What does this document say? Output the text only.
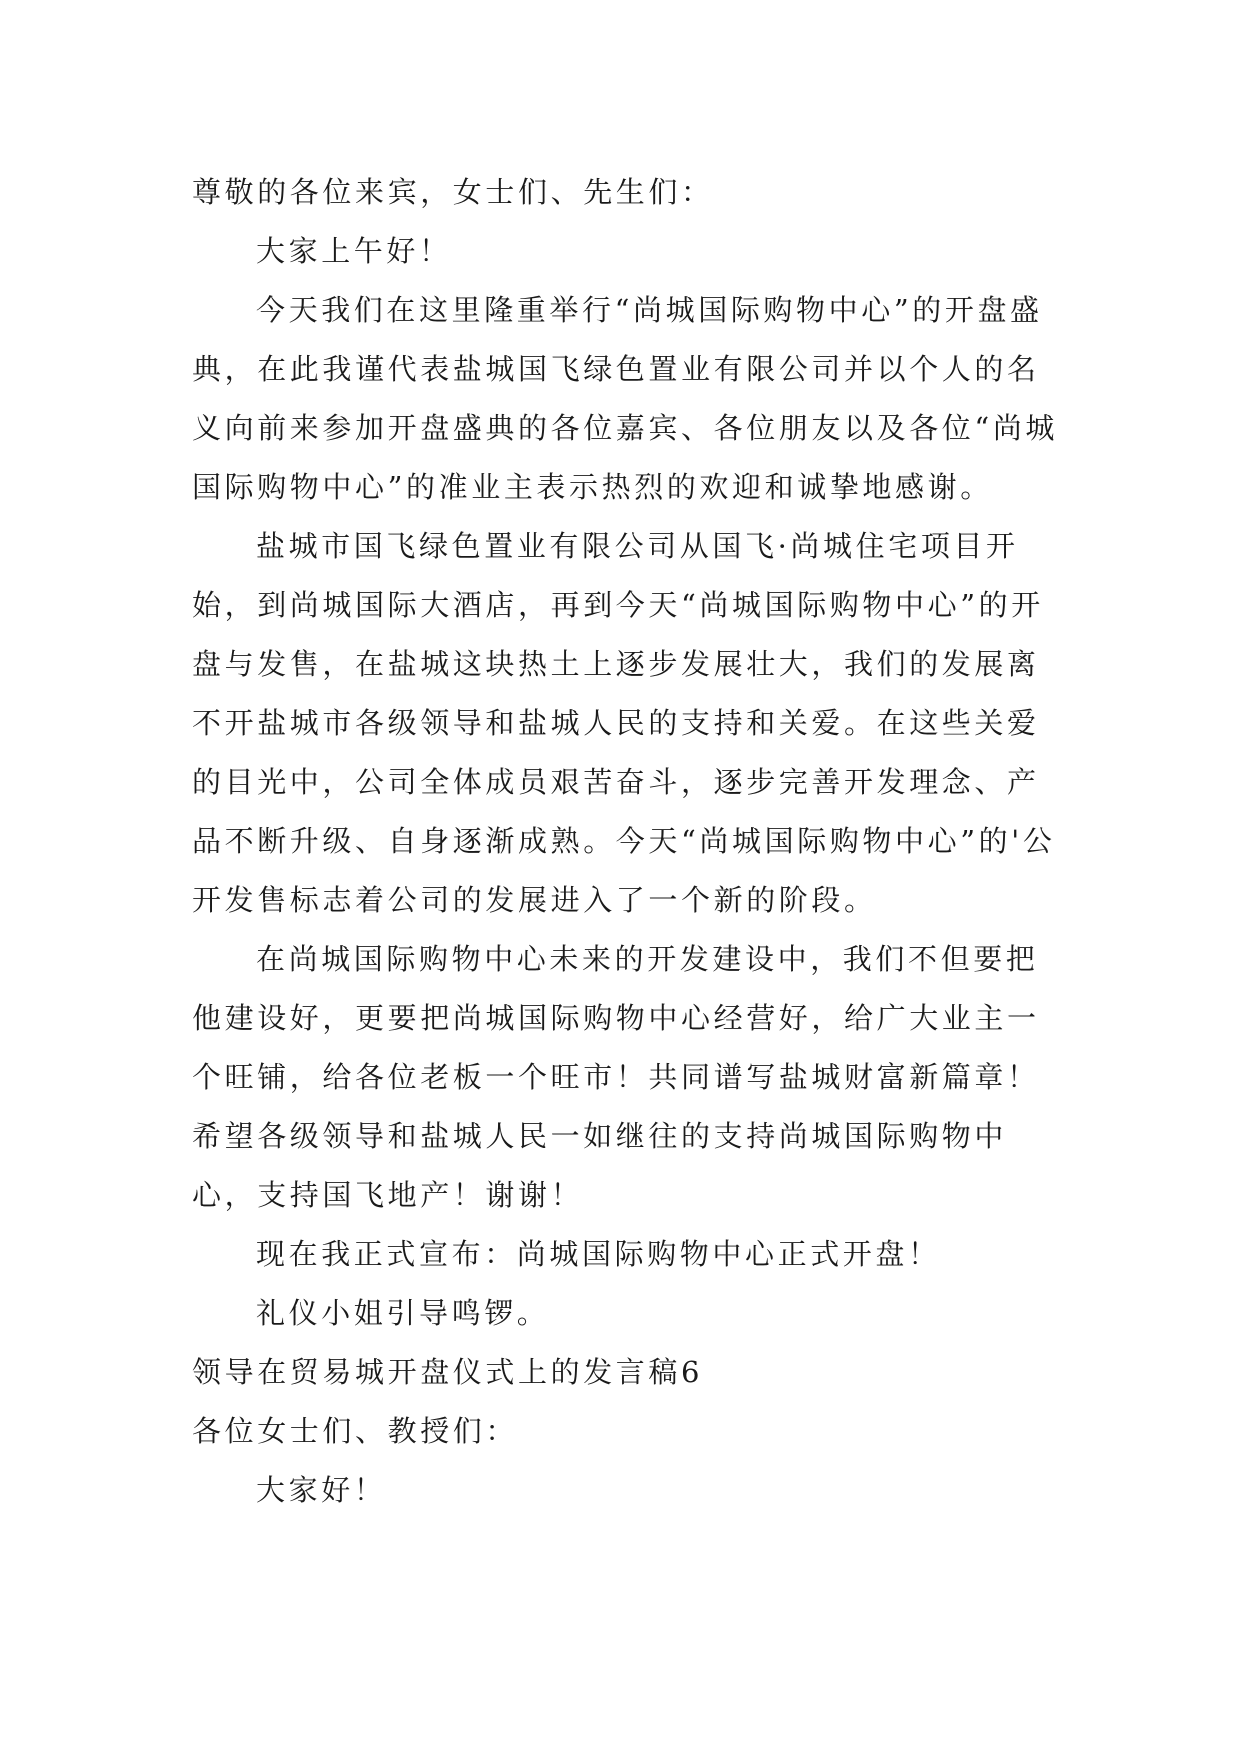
尊敬的各位来宾，女士们、先生们：

大家上午好！

今天我们在这里隆重举行“尚城国际购物中心”的开盘盛典，在此我谨代表盐城国飞绿色置业有限公司并以个人的名义向前来参加开盘盛典的各位嘉宾、各位朋友以及各位“尚城国际购物中心”的准业主表示热烈的欢迎和诚挚地感谢。

盐城市国飞绿色置业有限公司从国飞·尚城住宅项目开始，到尚城国际大酒店，再到今天“尚城国际购物中心”的开盘与发售，在盐城这块热土上逐步发展壮大，我们的发展离不开盐城市各级领导和盐城人民的支持和关爱。在这些关爱的目光中，公司全体成员艰苦奋斗，逐步完善开发理念、产品不断升级、自身逐渐成熟。今天“尚城国际购物中心”的'公开发售标志着公司的发展进入了一个新的阶段。

在尚城国际购物中心未来的开发建设中，我们不但要把他建设好，更要把尚城国际购物中心经营好，给广大业主一个旺铺，给各位老板一个旺市！共同谱写盐城财富新篇章！希望各级领导和盐城人民一如继往的支持尚城国际购物中心，支持国飞地产！谢谢！

现在我正式宣布：尚城国际购物中心正式开盘！

礼仪小姐引导鸣锣。

领导在贸易城开盘仪式上的发言稿6

各位女士们、教授们：

大家好！
